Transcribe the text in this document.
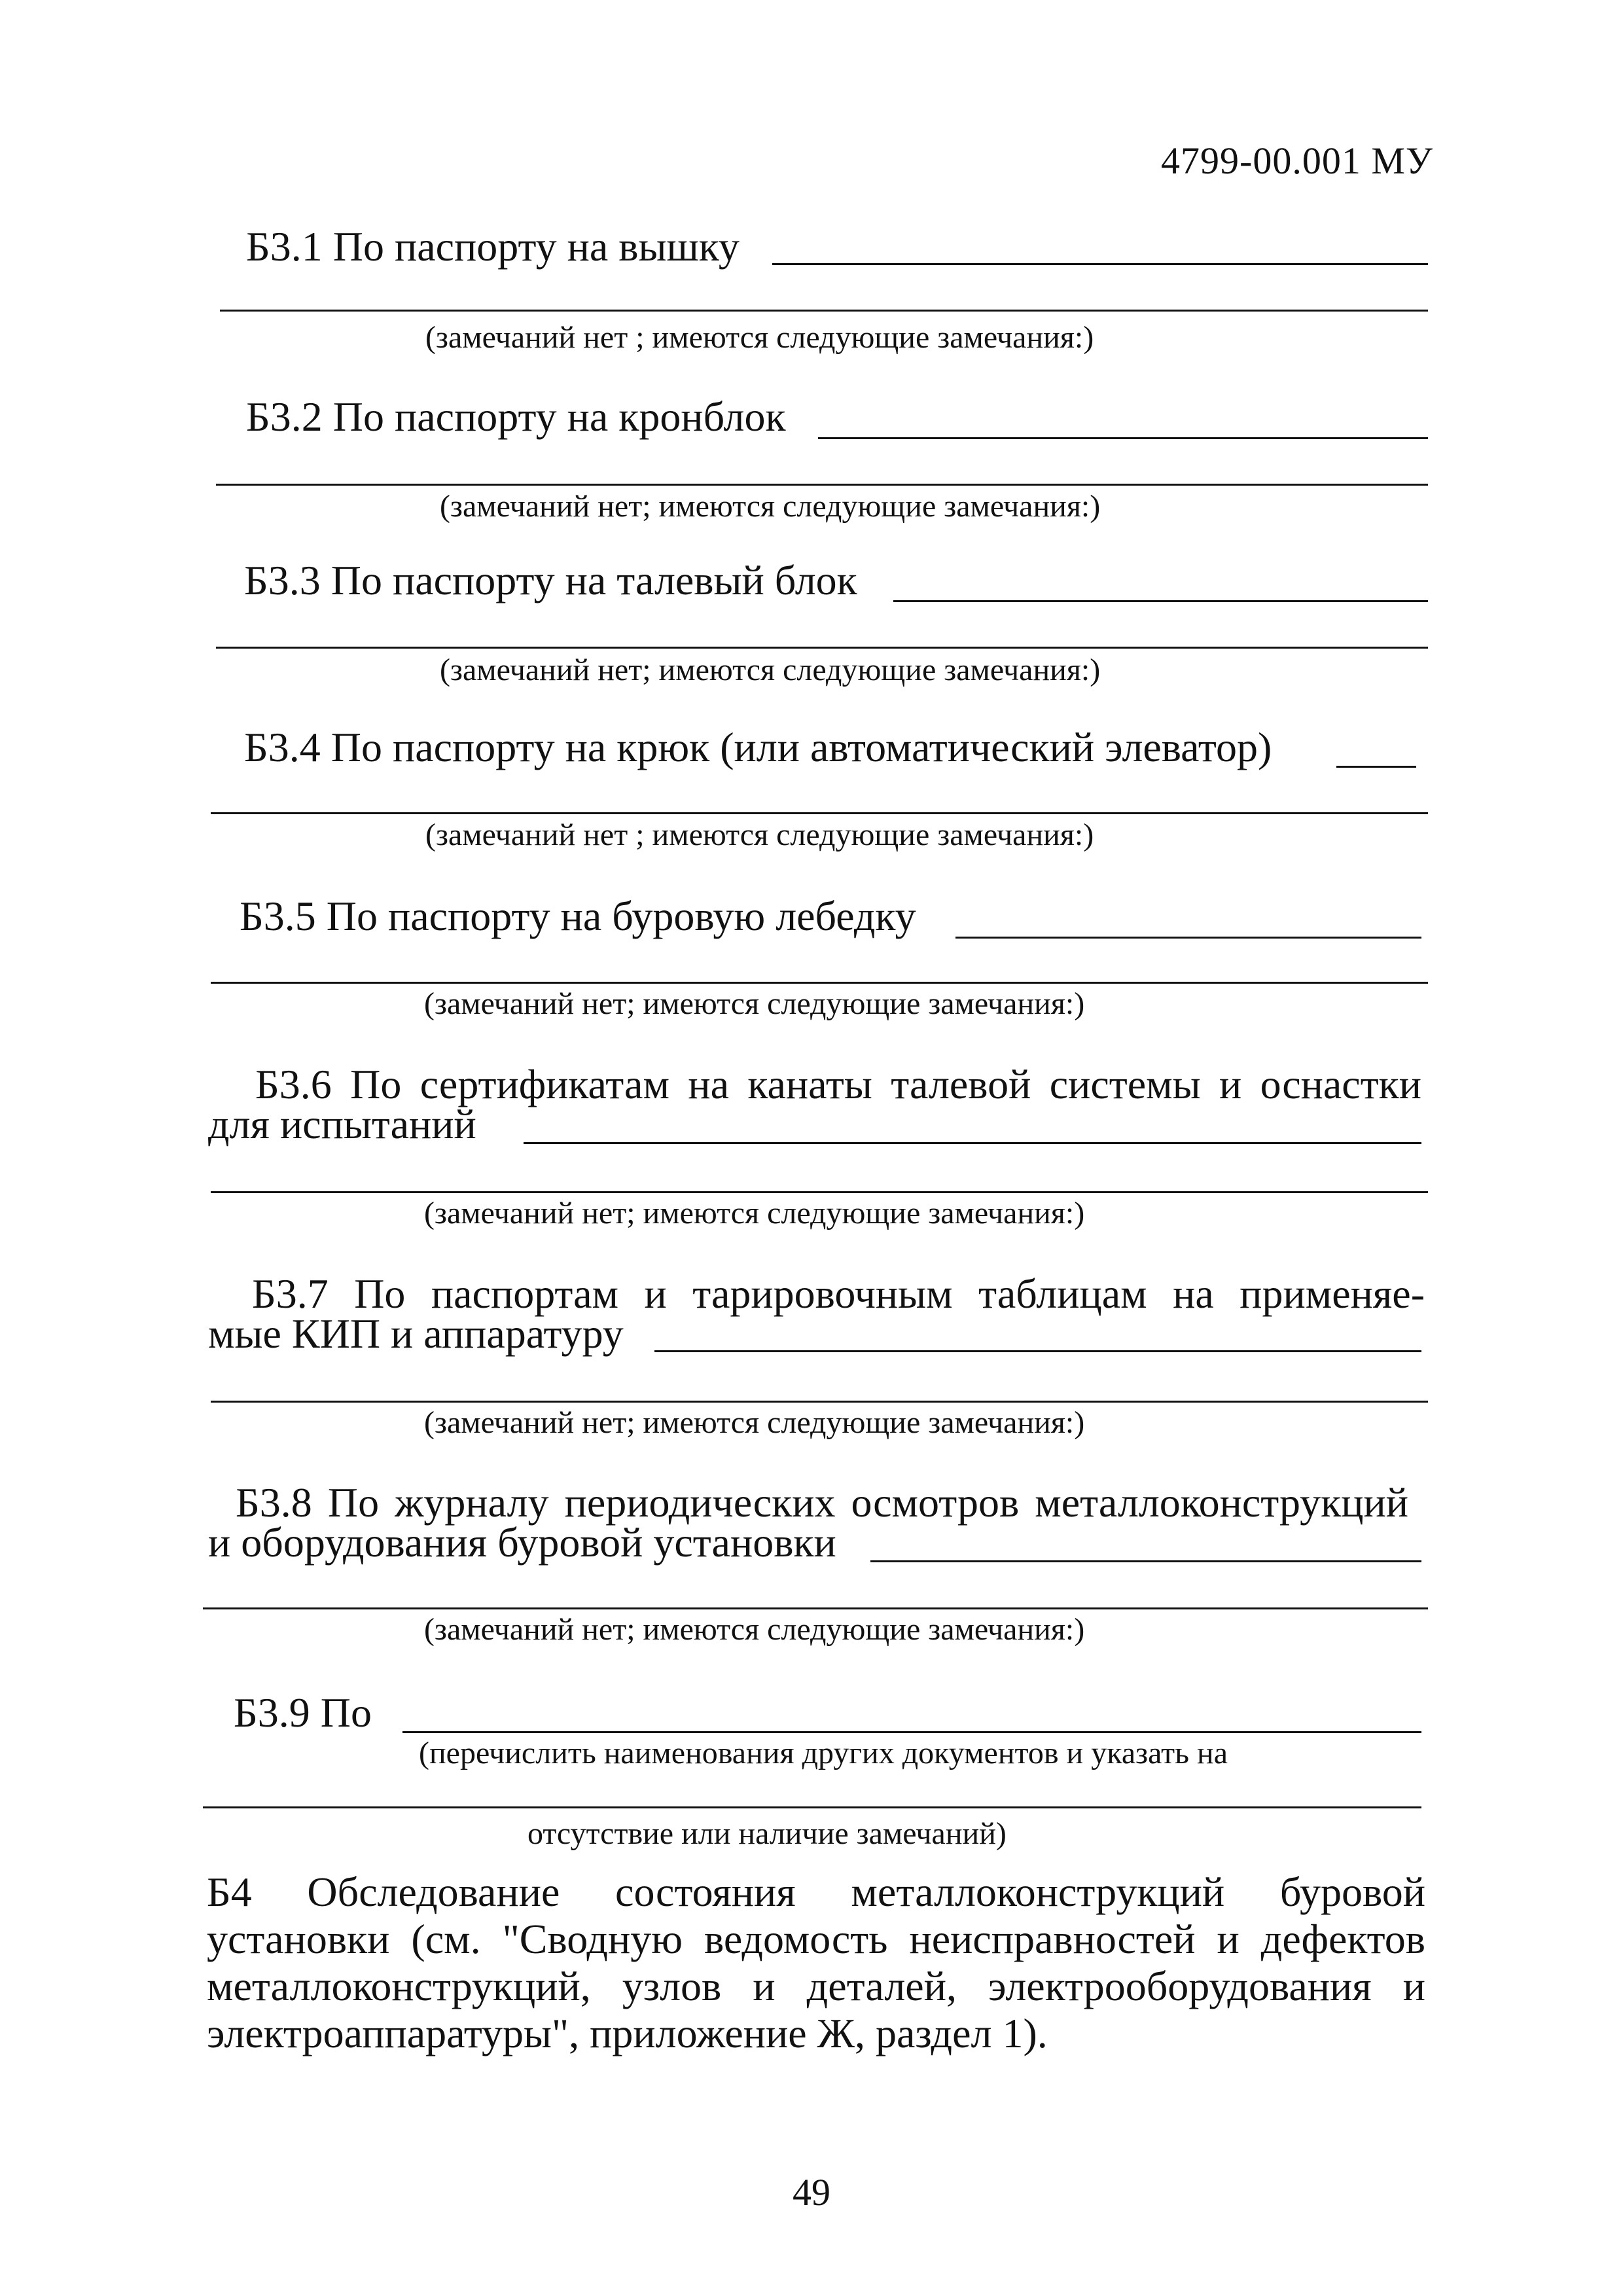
4799-00.001 МУ
Б3.1 По паспорту на вышку
(замечаний нет ; имеются следующие замечания:)
Б3.2 По паспорту на кронблок
(замечаний нет; имеются следующие замечания:)
Б3.3 По паспорту на талевый блок
(замечаний нет; имеются следующие замечания:)
Б3.4 По паспорту на крюк (или автоматический элеватор)
(замечаний нет ; имеются следующие замечания:)
Б3.5 По паспорту на буровую лебедку
(замечаний нет; имеются следующие замечания:)
Б3.6 По сертификатам на канаты талевой системы и оснастки
для испытаний
(замечаний нет; имеются следующие замечания:)
Б3.7 По паспортам и тарировочным таблицам на применяе-
мые КИП и аппаратуру
(замечаний нет; имеются следующие замечания:)
Б3.8 По журналу периодических осмотров металлоконструкций
и оборудования буровой установки
(замечаний нет; имеются следующие замечания:)
Б3.9 По
(перечислить наименования других документов и указать на
отсутствие или наличие замечаний)
Б4 Обследование состояния металлоконструкций буровой установки (см. "Сводную ведомость неисправностей и дефектов металлоконструкций, узлов и деталей, электрооборудования и электроаппаратуры", приложение Ж, раздел 1).
49
